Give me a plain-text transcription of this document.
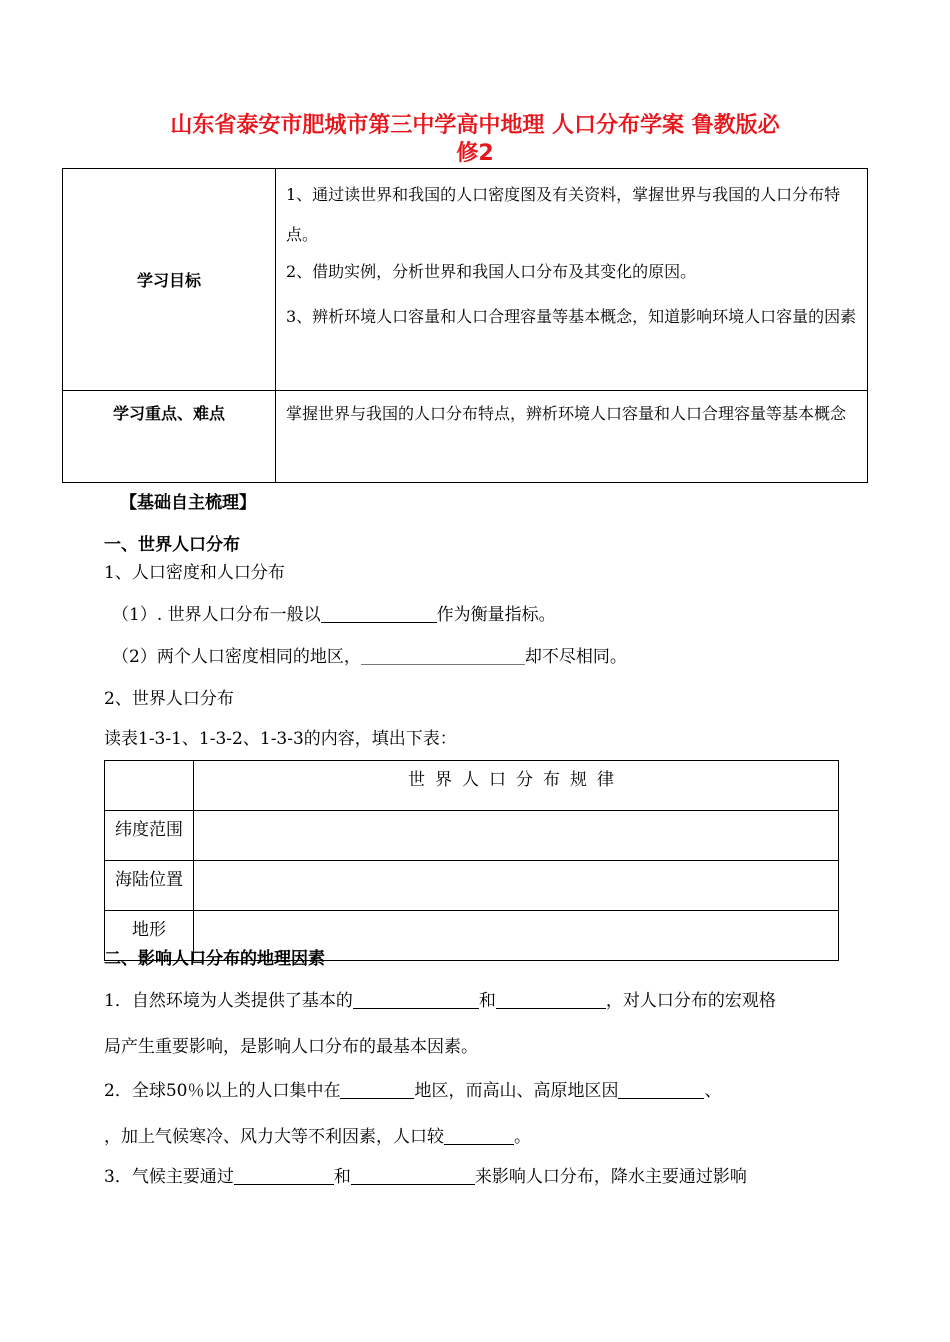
山东省泰安市肥城市第三中学高中地理 人口分布学案 鲁教版必
修2
学习目标	1、通过读世界和我国的人口密度图及有关资料，掌握世界与我国的人口分布特点。

2、借助实例，分析世界和我国人口分布及其变化的原因。

3、辨析环境人口容量和人口合理容量等基本概念，知道影响环境人口容量的因素

学习重点、难点	掌握世界与我国的人口分布特点，辨析环境人口容量和人口合理容量等基本概念

【基础自主梳理】
一、世界人口分布
1、人口密度和人口分布
（1）. 世界人口分布一般以	作为衡量指标。
（2）两个人口密度相同的地区，	却不尽相同。
2、世界人口分布
读表1-3-1、1-3-2、1-3-3的内容，填出下表：
	世界人口分布规律
纬度范围	
海陆位置	
地形	
二、影响人口分布的地理因素
1．自然环境为人类提供了基本的	和	，对人口分布的宏观格
局产生重要影响，是影响人口分布的最基本因素。
2．全球50％以上的人口集中在	地区，而高山、高原地区因	、
，加上气候寒冷、风力大等不利因素，人口较	。
3．气候主要通过	和	来影响人口分布，降水主要通过影响
